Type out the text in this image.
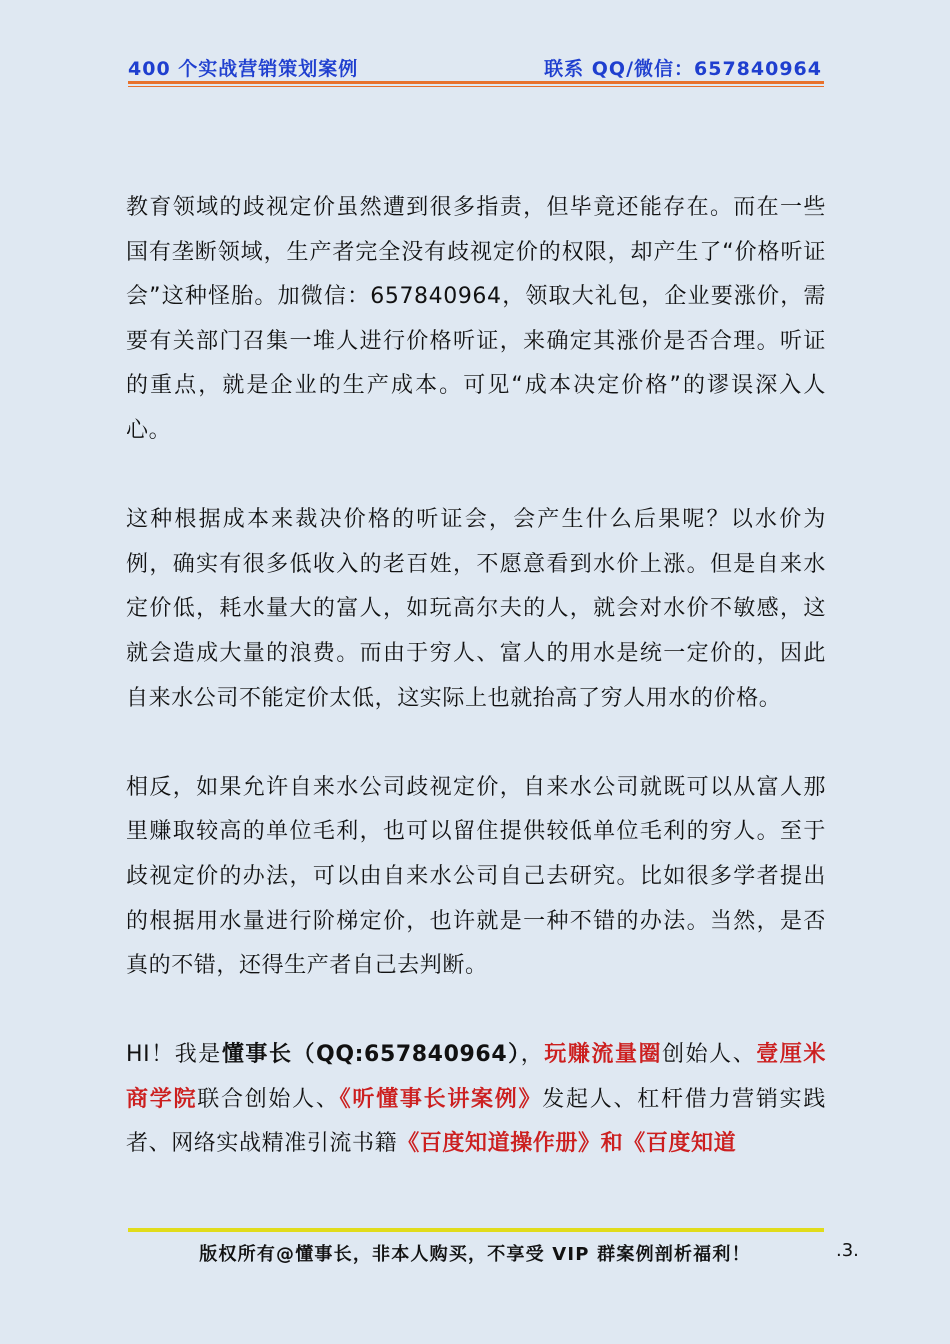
400 个实战营销策划案例	联系 QQ/微信：657840964

教育领域的歧视定价虽然遭到很多指责，但毕竟还能存在。而在一些国有垄断领域，生产者完全没有歧视定价的权限，却产生了“价格听证会”这种怪胎。加微信：657840964，领取大礼包，企业要涨价，需要有关部门召集一堆人进行价格听证，来确定其涨价是否合理。听证的重点，就是企业的生产成本。可见“成本决定价格”的谬误深入人心。

这种根据成本来裁决价格的听证会，会产生什么后果呢？以水价为例，确实有很多低收入的老百姓，不愿意看到水价上涨。但是自来水定价低，耗水量大的富人，如玩高尔夫的人，就会对水价不敏感，这就会造成大量的浪费。而由于穷人、富人的用水是统一定价的，因此自来水公司不能定价太低，这实际上也就抬高了穷人用水的价格。

相反，如果允许自来水公司歧视定价，自来水公司就既可以从富人那里赚取较高的单位毛利，也可以留住提供较低单位毛利的穷人。至于歧视定价的办法，可以由自来水公司自己去研究。比如很多学者提出的根据用水量进行阶梯定价，也许就是一种不错的办法。当然，是否真的不错，还得生产者自己去判断。

HI！我是懂事长（QQ:657840964），玩赚流量圈创始人、壹厘米商学院联合创始人、《听懂事长讲案例》发起人、杠杆借力营销实践者、网络实战精准引流书籍《百度知道操作册》和《百度知道

版权所有@懂事长，非本人购买，不享受 VIP 群案例剖析福利！	.3.
